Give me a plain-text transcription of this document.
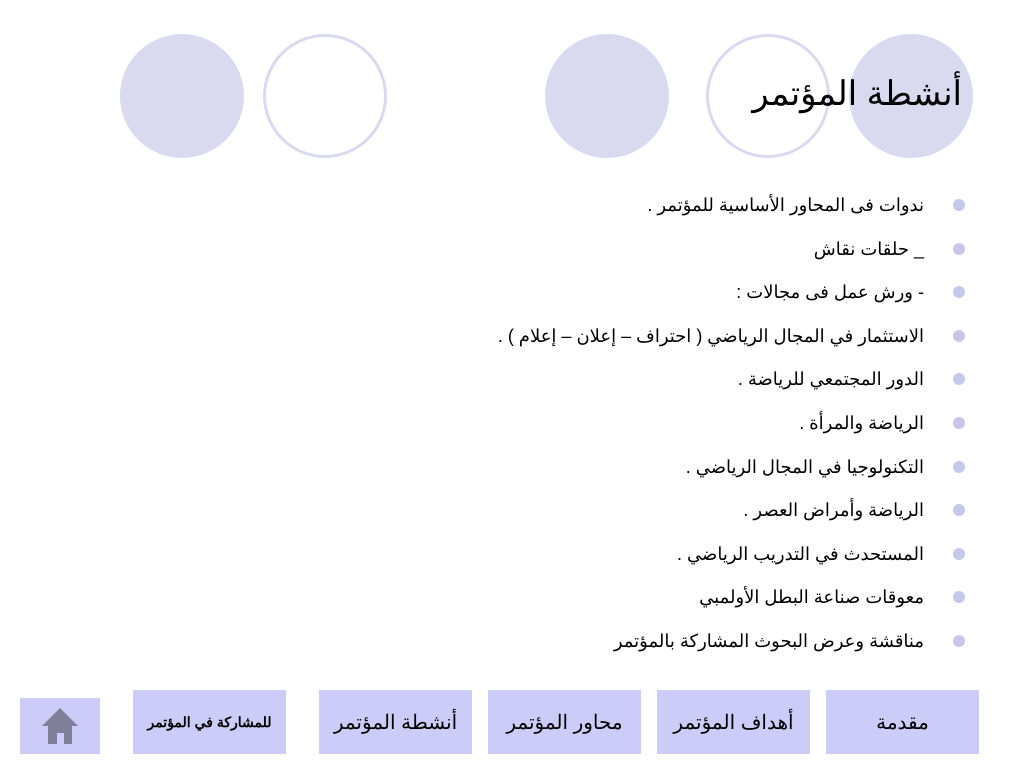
أنشطة المؤتمر
ندوات فى المحاور الأساسية للمؤتمر .
_ حلقات نقاش
- ورش عمل فى مجالات :
الاستثمار في المجال الرياضي ( احتراف – إعلان – إعلام ) .
الدور المجتمعي للرياضة .
الرياضة والمرأة .
التكنولوجيا في المجال الرياضي .
الرياضة وأمراض العصر .
المستحدث في التدريب الرياضي .
معوقات صناعة البطل الأولمبي
مناقشة وعرض البحوث المشاركة بالمؤتمر
مقدمة
أهداف المؤتمر
محاور المؤتمر
أنشطة المؤتمر
للمشاركة في المؤتمر
